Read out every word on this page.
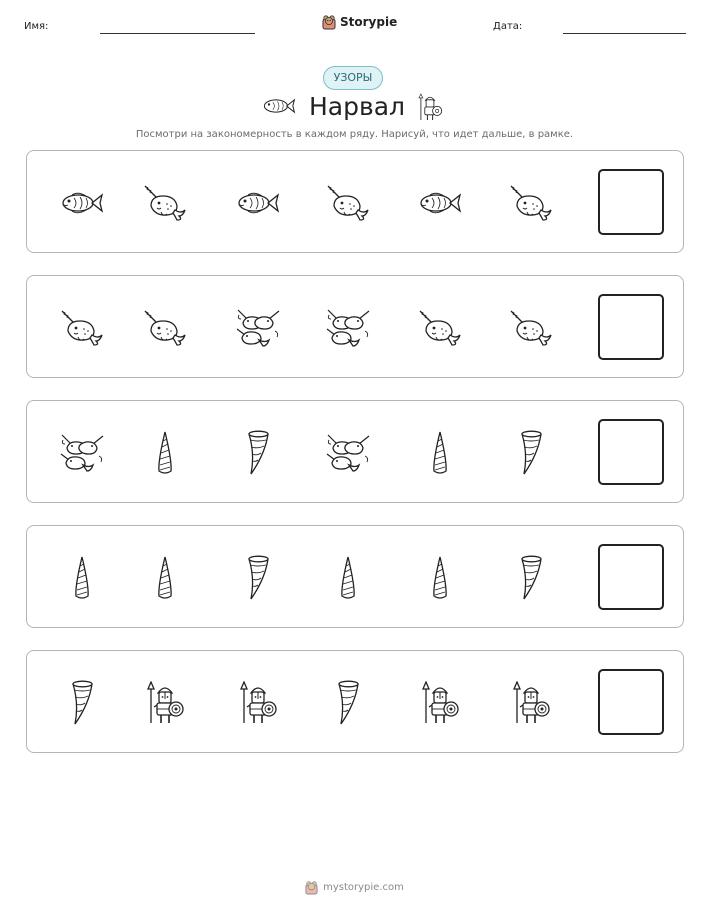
Имя:	Storypie	Дата:
УЗОРЫ
Нарвал
Посмотри на закономерность в каждом ряду. Нарисуй, что идет дальше, в рамке.
mystorypie.com
